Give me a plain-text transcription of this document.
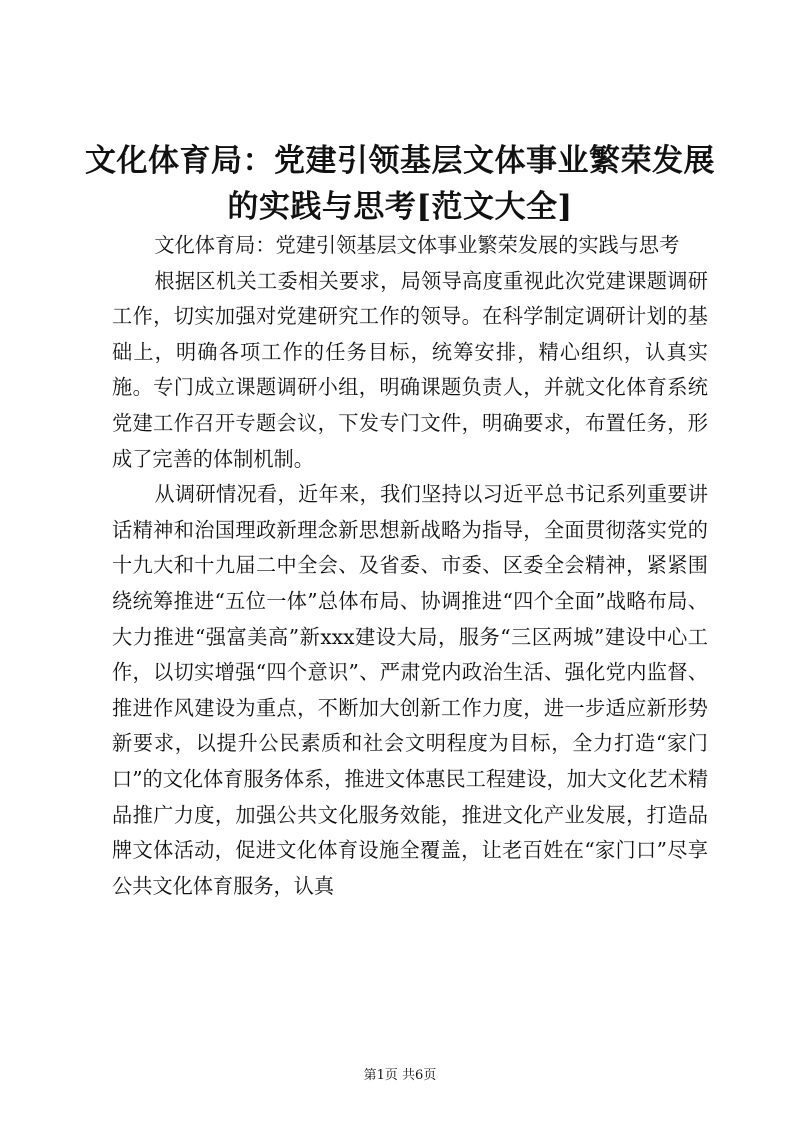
文化体育局：党建引领基层文体事业繁荣发展
的实践与思考[范文大全]

文化体育局：党建引领基层文体事业繁荣发展的实践与思考

根据区机关工委相关要求，局领导高度重视此次党建课题调研工作，切实加强对党建研究工作的领导。在科学制定调研计划的基础上，明确各项工作的任务目标，统筹安排，精心组织，认真实施。专门成立课题调研小组，明确课题负责人，并就文化体育系统党建工作召开专题会议，下发专门文件，明确要求，布置任务，形成了完善的体制机制。

从调研情况看，近年来，我们坚持以习近平总书记系列重要讲话精神和治国理政新理念新思想新战略为指导，全面贯彻落实党的十九大和十九届二中全会、及省委、市委、区委全会精神，紧紧围绕统筹推进“五位一体”总体布局、协调推进“四个全面”战略布局、大力推进“强富美高”新xxx建设大局，服务“三区两城”建设中心工作，以切实增强“四个意识”、严肃党内政治生活、强化党内监督、推进作风建设为重点，不断加大创新工作力度，进一步适应新形势新要求，以提升公民素质和社会文明程度为目标，全力打造“家门口”的文化体育服务体系，推进文体惠民工程建设，加大文化艺术精品推广力度，加强公共文化服务效能，推进文化产业发展，打造品牌文体活动，促进文化体育设施全覆盖，让老百姓在“家门口”尽享公共文化体育服务，认真

第1页 共6页
